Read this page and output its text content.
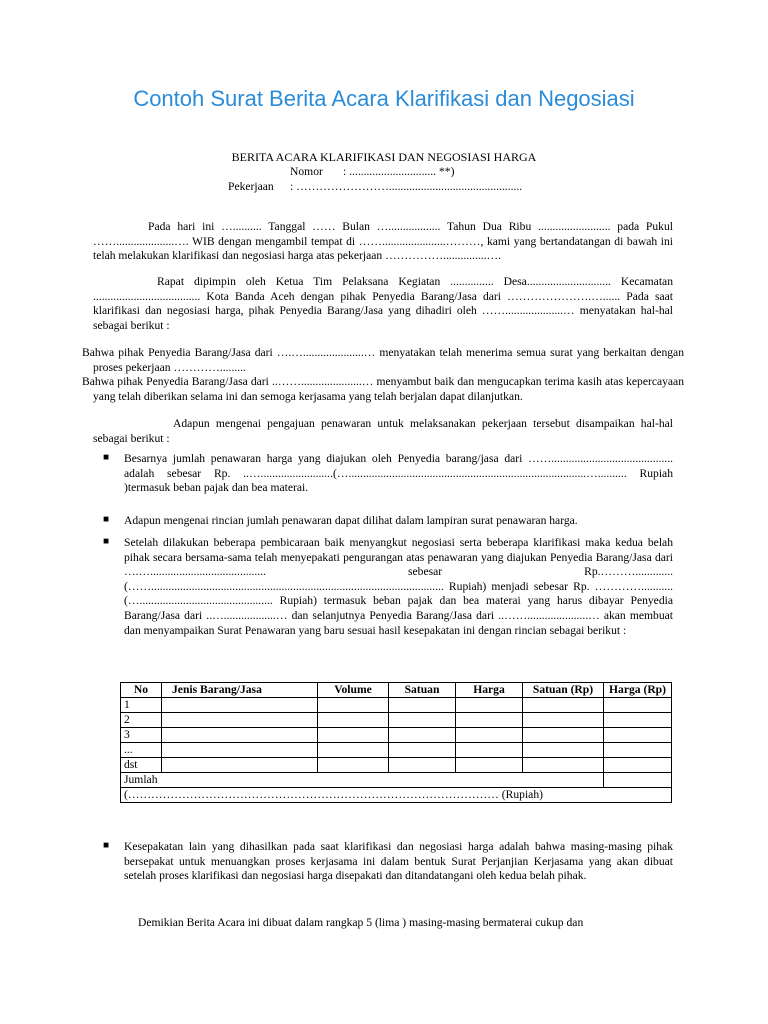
Contoh Surat Berita Acara Klarifikasi dan Negosiasi
BERITA ACARA KLARIFIKASI DAN NEGOSIASI HARGA
Nomor : .............................. **)
Pekerjaan : ……………………..............................................
Pada hari ini ….......... Tanggal …… Bulan ….................. Tahun Dua Ribu ......................... pada Pukul ……....................…. WIB dengan mengambil tempat di ……......................………, kami yang bertandatangan di bawah ini telah melakukan klarifikasi dan negosiasi harga atas pekerjaan ……………...............….
Rapat dipimpin oleh Ketua Tim Pelaksana Kegiatan ............... Desa............................. Kecamatan ..................................... Kota Banda Aceh dengan pihak Penyedia Barang/Jasa dari ………………….…...... Pada saat klarifikasi dan negosiasi harga, pihak Penyedia Barang/Jasa yang dihadiri oleh ……....................… menyatakan hal-hal sebagai berikut :
Bahwa pihak Penyedia Barang/Jasa dari ….….....................… menyatakan telah menerima semua surat yang berkaitan dengan proses pekerjaan ………….........
Bahwa pihak Penyedia Barang/Jasa dari ..…….....................… menyambut baik dan mengucapkan terima kasih atas kepercayaan yang telah diberikan selama ini dan semoga kerjasama yang telah berjalan dapat dilanjutkan.
Adapun mengenai pengajuan penawaran untuk melaksanakan pekerjaan tersebut disampaikan hal-hal sebagai berikut :
■ Besarnya jumlah penawaran harga yang diajukan oleh Penyedia barang/jasa dari …….......................................... adalah sebesar Rp. ..….........................(…..................................................................................….......... Rupiah )termasuk beban pajak dan bea materai.
■ Adapun mengenai rincian jumlah penawaran dapat dilihat dalam lampiran surat penawaran harga.
■ Setelah dilakukan beberapa pembicaraan baik menyangkut negosiasi serta beberapa klarifikasi maka kedua belah pihak secara bersama-sama telah menyepakati pengurangan atas penawaran yang diajukan Penyedia Barang/Jasa dari ….…........................................ sebesar Rp.……….............(……..................................................................................................... Rupiah) menjadi sebesar Rp. …………........... (….............................................. Rupiah) termasuk beban pajak dan bea materai yang harus dibayar Penyedia Barang/Jasa dari ..…..................… dan selanjutnya Penyedia Barang/Jasa dari ..…….....................… akan membuat dan menyampaikan Surat Penawaran yang baru sesuai hasil kesepakatan ini dengan rincian sebagai berikut :
No	Jenis Barang/Jasa	Volume	Satuan	Harga	Satuan (Rp)	Harga (Rp)
1						
2						
3						
...						
dst						
Jumlah						
(…………………………………………………………………………………… (Rupiah)						
■ Kesepakatan lain yang dihasilkan pada saat klarifikasi dan negosiasi harga adalah bahwa masing-masing pihak bersepakat untuk menuangkan proses kerjasama ini dalam bentuk Surat Perjanjian Kerjasama yang akan dibuat setelah proses klarifikasi dan negosiasi harga disepakati dan ditandatangani oleh kedua belah pihak.
Demikian Berita Acara ini dibuat dalam rangkap 5 (lima ) masing-masing bermaterai cukup dan
